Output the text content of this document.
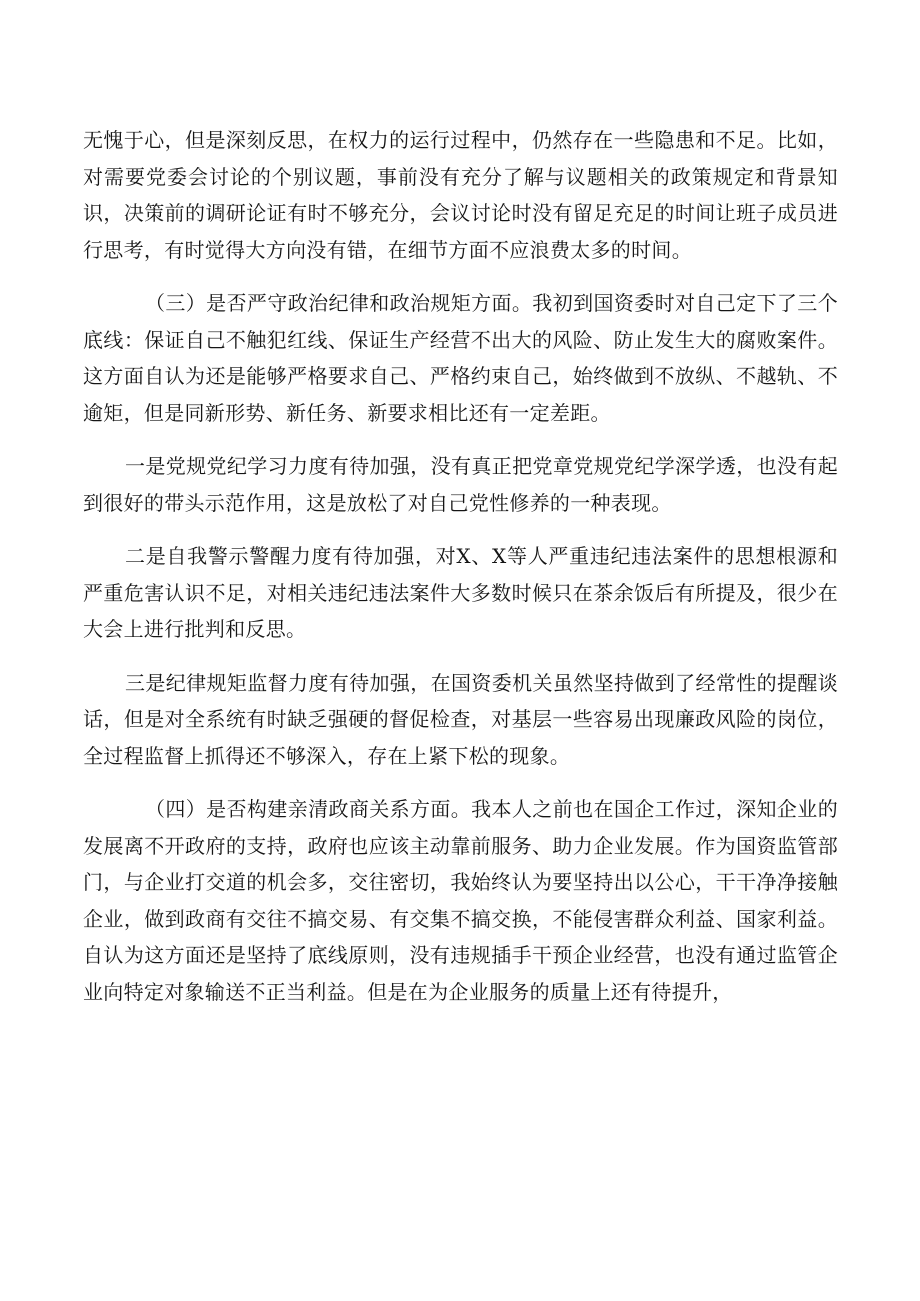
无愧于心，但是深刻反思，在权力的运行过程中，仍然存在一些隐患和不足。比如，对需要党委会讨论的个别议题，事前没有充分了解与议题相关的政策规定和背景知识，决策前的调研论证有时不够充分，会议讨论时没有留足充足的时间让班子成员进行思考，有时觉得大方向没有错，在细节方面不应浪费太多的时间。

（三）是否严守政治纪律和政治规矩方面。我初到国资委时对自己定下了三个底线：保证自己不触犯红线、保证生产经营不出大的风险、防止发生大的腐败案件。这方面自认为还是能够严格要求自己、严格约束自己，始终做到不放纵、不越轨、不逾矩，但是同新形势、新任务、新要求相比还有一定差距。

一是党规党纪学习力度有待加强，没有真正把党章党规党纪学深学透，也没有起到很好的带头示范作用，这是放松了对自己党性修养的一种表现。

二是自我警示警醒力度有待加强，对X、X等人严重违纪违法案件的思想根源和严重危害认识不足，对相关违纪违法案件大多数时候只在茶余饭后有所提及，很少在大会上进行批判和反思。

三是纪律规矩监督力度有待加强，在国资委机关虽然坚持做到了经常性的提醒谈话，但是对全系统有时缺乏强硬的督促检查，对基层一些容易出现廉政风险的岗位，全过程监督上抓得还不够深入，存在上紧下松的现象。

（四）是否构建亲清政商关系方面。我本人之前也在国企工作过，深知企业的发展离不开政府的支持，政府也应该主动靠前服务、助力企业发展。作为国资监管部门，与企业打交道的机会多，交往密切，我始终认为要坚持出以公心，干干净净接触企业，做到政商有交往不搞交易、有交集不搞交换，不能侵害群众利益、国家利益。自认为这方面还是坚持了底线原则，没有违规插手干预企业经营，也没有通过监管企业向特定对象输送不正当利益。但是在为企业服务的质量上还有待提升，
